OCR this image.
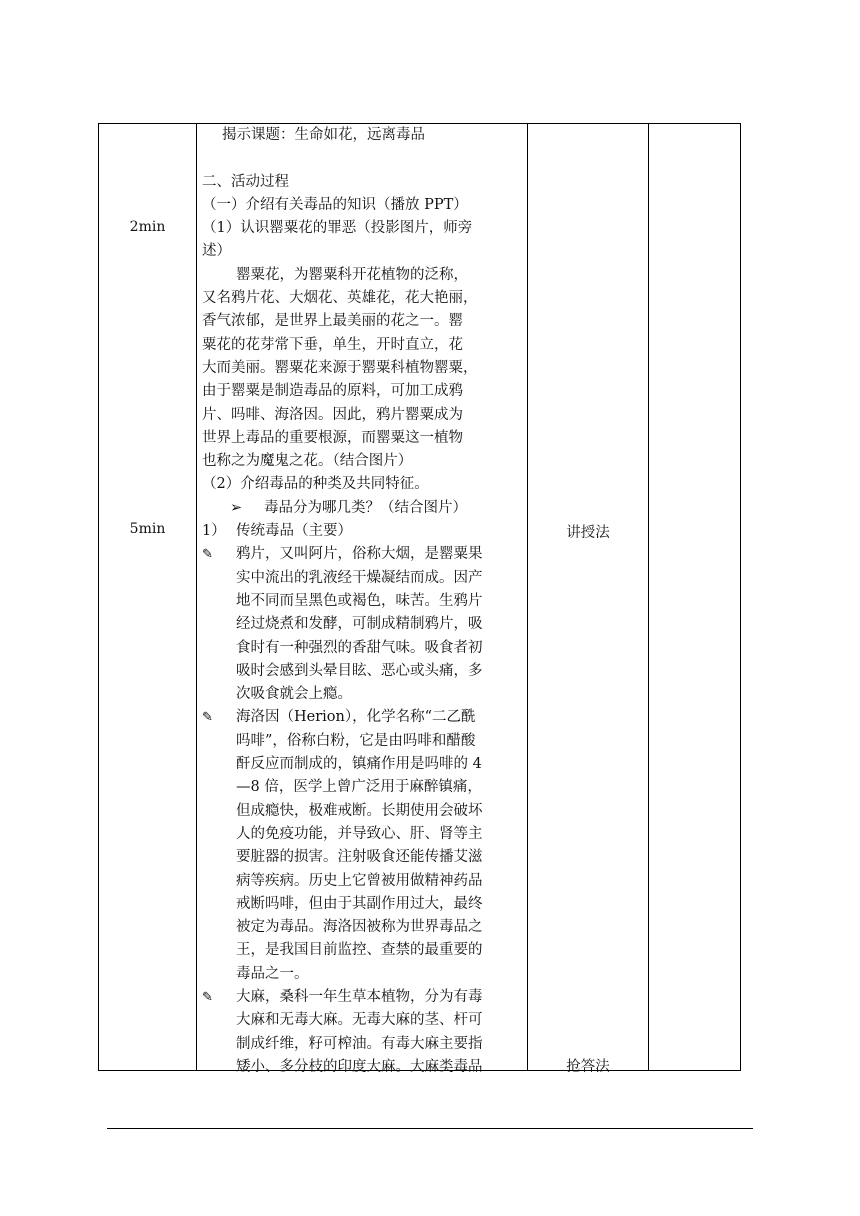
2min
5min

揭示课题：生命如花，远离毒品

二、活动过程

（一）介绍有关毒品的知识（播放 PPT）

（1）认识罂粟花的罪恶（投影图片，师旁

述）

罂粟花，为罂粟科开花植物的泛称，

又名鸦片花、大烟花、英雄花，花大艳丽，

香气浓郁，是世界上最美丽的花之一。罂

粟花的花芽常下垂，单生，开时直立，花

大而美丽。罂粟花来源于罂粟科植物罂粟，

由于罂粟是制造毒品的原料，可加工成鸦

片、吗啡、海洛因。因此，鸦片罂粟成为

世界上毒品的重要根源，而罂粟这一植物

也称之为魔鬼之花。（结合图片）

（2）介绍毒品的种类及共同特征。

➢ 毒品分为哪几类？（结合图片）

1） 传统毒品（主要）

✎ 鸦片，又叫阿片，俗称大烟，是罂粟果

实中流出的乳液经干燥凝结而成。因产

地不同而呈黑色或褐色，味苦。生鸦片

经过烧煮和发酵，可制成精制鸦片，吸

食时有一种强烈的香甜气味。吸食者初

吸时会感到头晕目眩、恶心或头痛，多

次吸食就会上瘾。

✎ 海洛因（Herion），化学名称“二乙酰

吗啡”，俗称白粉，它是由吗啡和醋酸

酐反应而制成的，镇痛作用是吗啡的 4

—8 倍，医学上曾广泛用于麻醉镇痛，

但成瘾快，极难戒断。长期使用会破坏

人的免疫功能，并导致心、肝、肾等主

要脏器的损害。注射吸食还能传播艾滋

病等疾病。历史上它曾被用做精神药品

戒断吗啡，但由于其副作用过大，最终

被定为毒品。海洛因被称为世界毒品之

王，是我国目前监控、查禁的最重要的

毒品之一。

✎ 大麻，桑科一年生草本植物，分为有毒

大麻和无毒大麻。无毒大麻的茎、杆可

制成纤维，籽可榨油。有毒大麻主要指

矮小、多分枝的印度大麻。大麻类毒品

讲授法
抢答法
